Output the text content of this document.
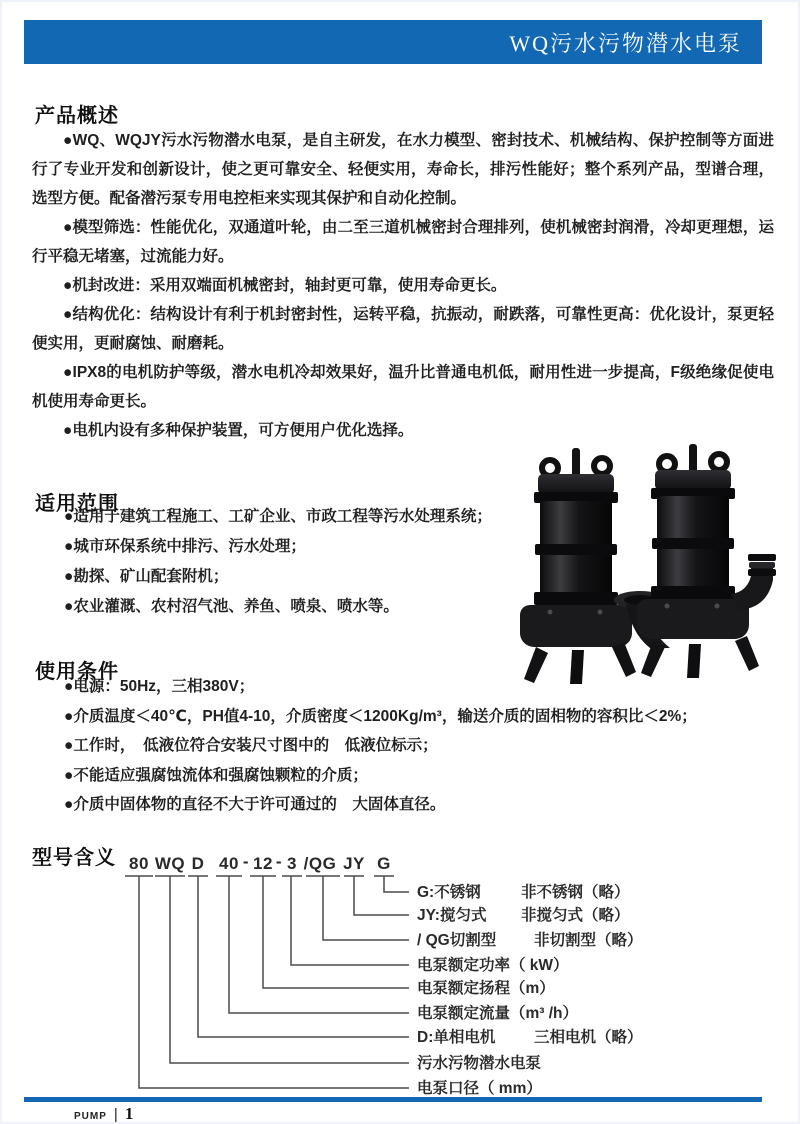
WQ污水污物潜水电泵
产品概述

●WQ、WQJY污水污物潜水电泵，是自主研发，在水力模型、密封技术、机械结构、保护控制等方面进行了专业开发和创新设计，使之更可靠安全、轻便实用，寿命长，排污性能好；整个系列产品，型谱合理，选型方便。配备潜污泵专用电控柜来实现其保护和自动化控制。

●模型筛选：性能优化，双通道叶轮，由二至三道机械密封合理排列，使机械密封润滑，冷却更理想，运行平稳无堵塞，过流能力好。

●机封改进：采用双端面机械密封，轴封更可靠，使用寿命更长。

●结构优化：结构设计有利于机封密封性，运转平稳，抗振动，耐跌落，可靠性更高：优化设计，泵更轻便实用，更耐腐蚀、耐磨耗。

●IPX8的电机防护等级，潜水电机冷却效果好，温升比普通电机低，耐用性进一步提高，F级绝缘促使电机使用寿命更长。

●电机内设有多种保护装置，可方便用户优化选择。

适用范围
●适用于建筑工程施工、工矿企业、市政工程等污水处理系统；
●城市环保系统中排污、污水处理；
●勘探、矿山配套附机；
●农业灌溉、农村沼气池、养鱼、喷泉、喷水等。
使用条件
●电源：50Hz，三相380V；
●介质温度＜40℃，PH值4-10，介质密度＜1200Kg/m³，输送介质的固相物的容积比＜2%；
●工作时，　低液位符合安装尺寸图中的　低液位标示；
●不能适应强腐蚀流体和强腐蚀颗粒的介质；
●介质中固体物的直径不大于许可通过的　大固体直径。
型号含义 80 WQ D 40 - 12 - 3 /QG JY G
G:不锈钢	非不锈钢（略）
JY:搅匀式 非搅匀式（略）
/ QG切割型 非切割型（略）
电泵额定功率（ kW）
电泵额定扬程（m）
电泵额定流量（m³ /h）
D:单相电机 三相电机（略）
污水污物潜水电泵
电泵口径（ mm）
PUMP | 1
